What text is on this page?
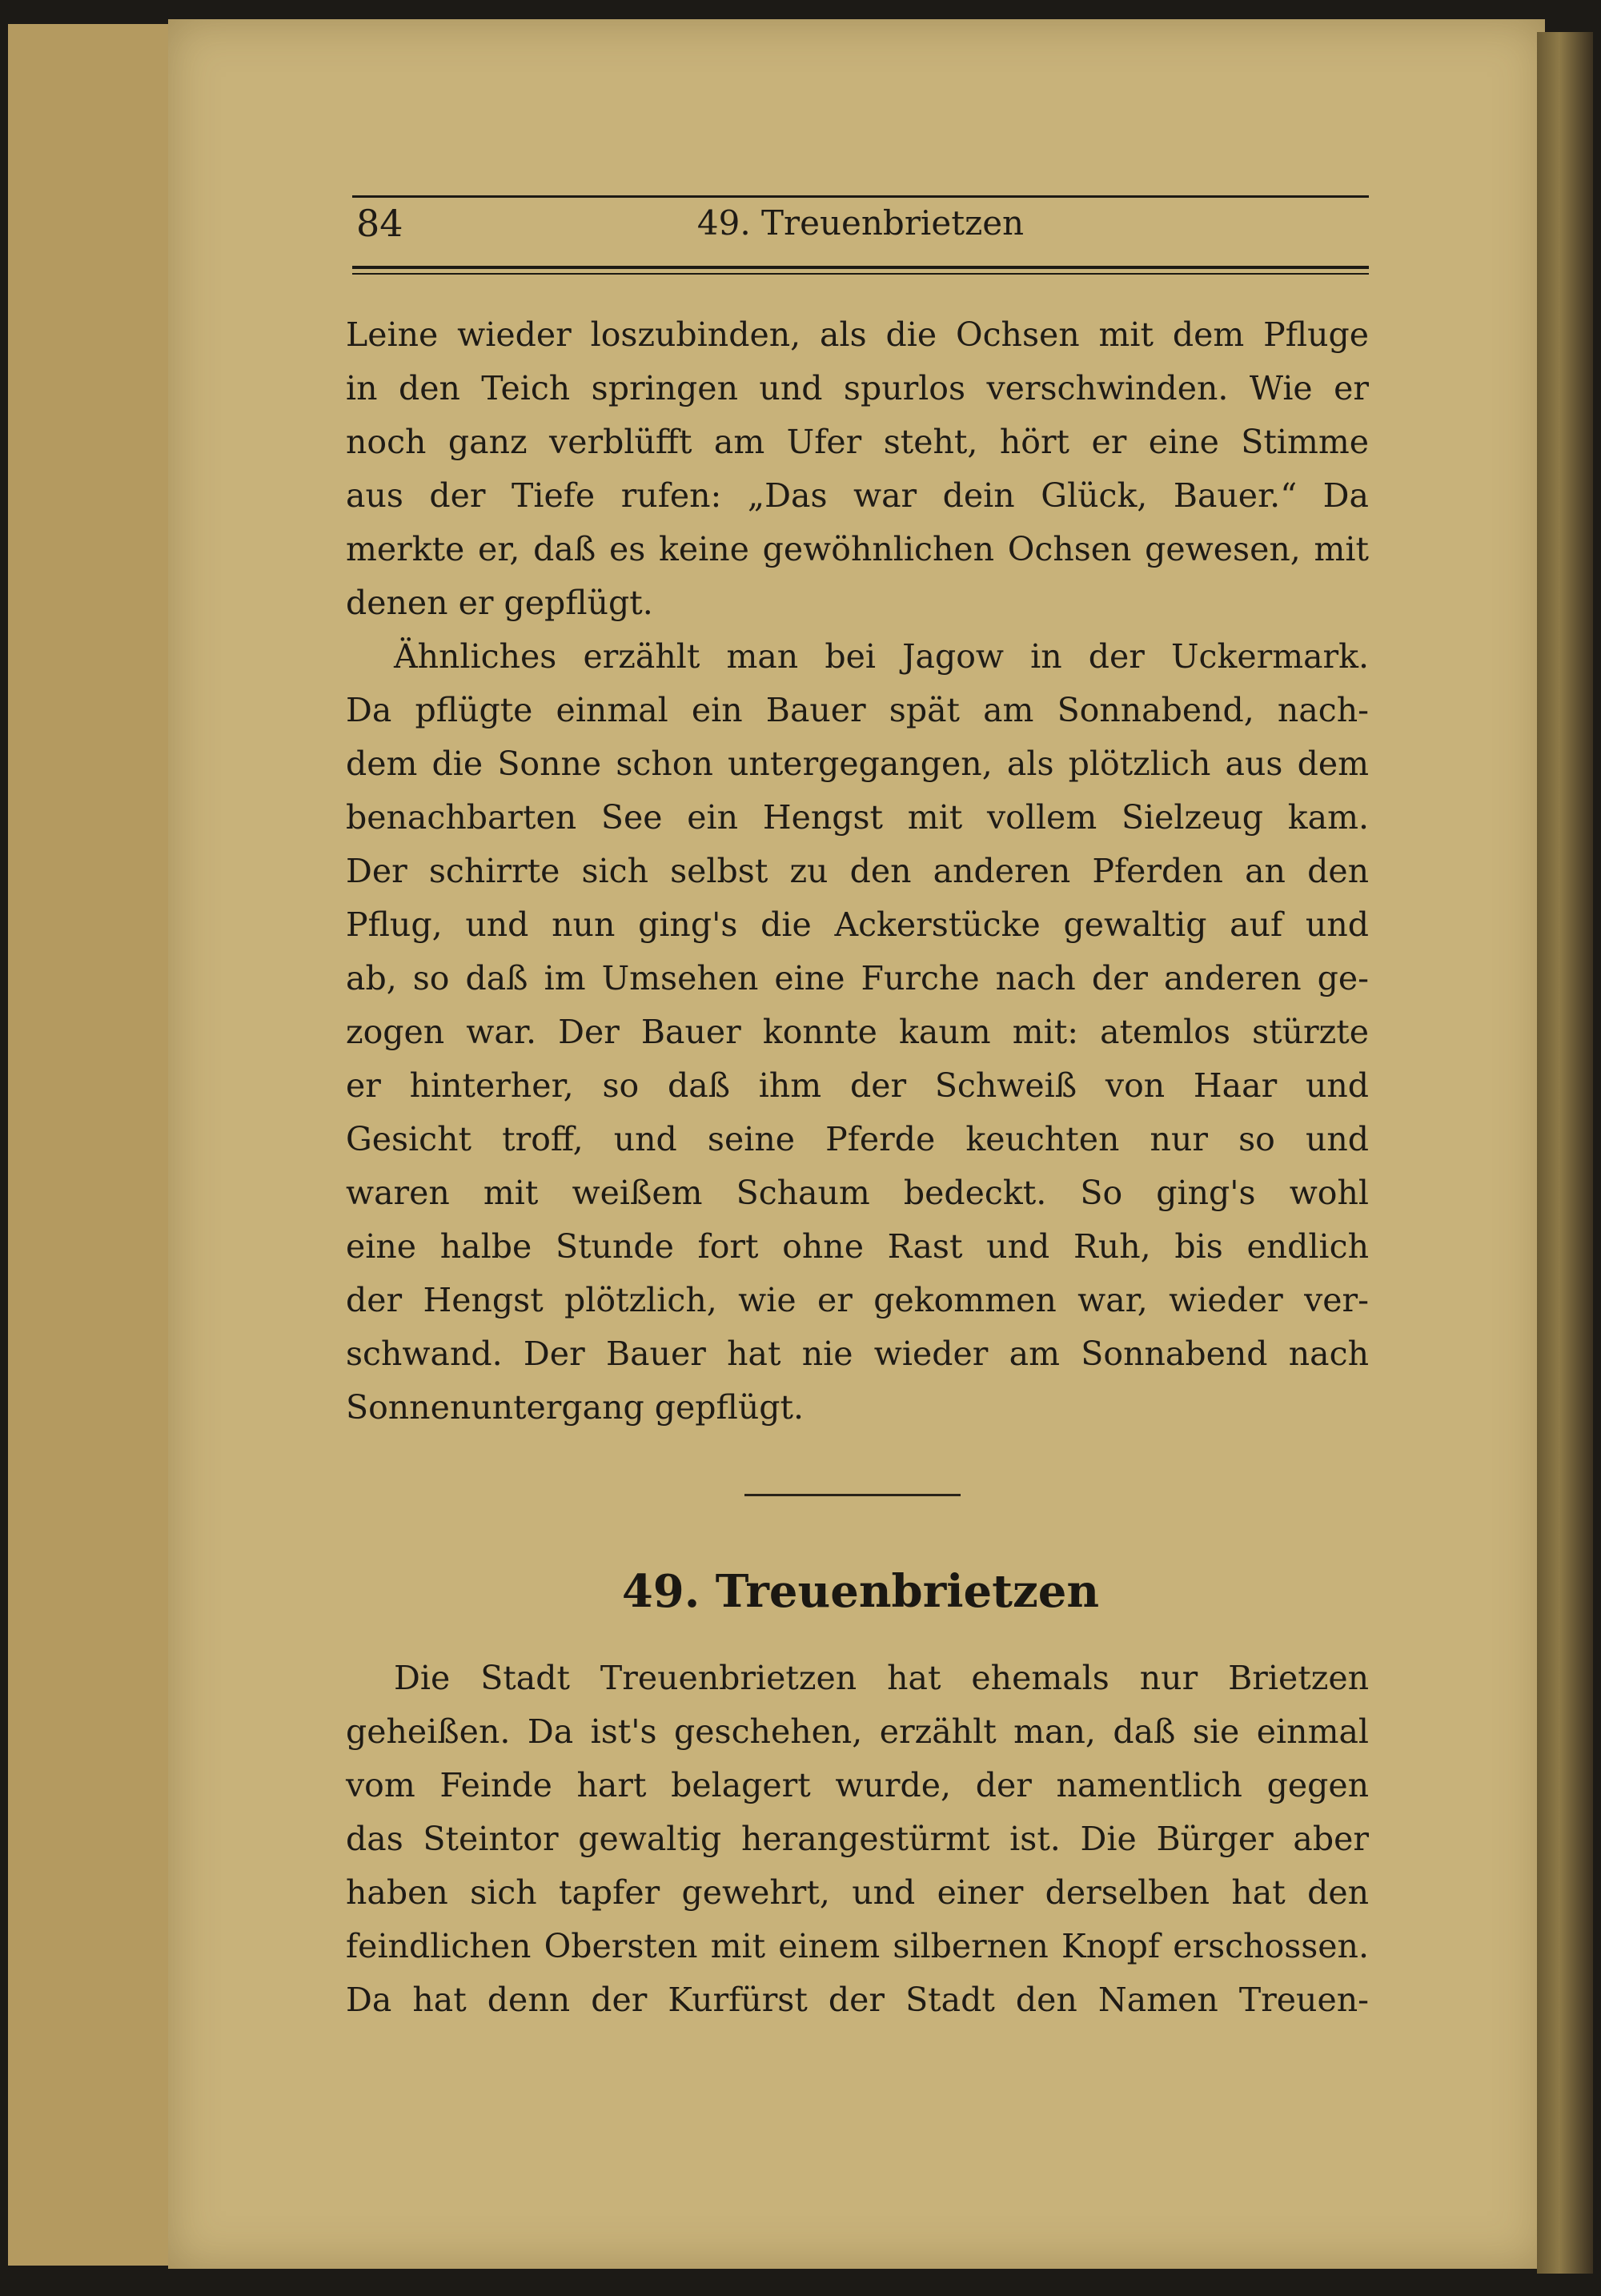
84	49. Treuenbrietzen
Leine wieder loszubinden, als die Ochsen mit dem Pfluge
in den Teich springen und spurlos verschwinden. Wie er
noch ganz verblüfft am Ufer steht, hört er eine Stimme
aus der Tiefe rufen: „Das war dein Glück, Bauer.“ Da
merkte er, daß es keine gewöhnlichen Ochsen gewesen, mit
denen er gepflügt.
Ähnliches erzählt man bei Jagow in der Uckermark.
Da pflügte einmal ein Bauer spät am Sonnabend, nach-
dem die Sonne schon untergegangen, als plötzlich aus dem
benachbarten See ein Hengst mit vollem Sielzeug kam.
Der schirrte sich selbst zu den anderen Pferden an den
Pflug, und nun ging's die Ackerstücke gewaltig auf und
ab, so daß im Umsehen eine Furche nach der anderen ge-
zogen war. Der Bauer konnte kaum mit: atemlos stürzte
er hinterher, so daß ihm der Schweiß von Haar und
Gesicht troff, und seine Pferde keuchten nur so und
waren mit weißem Schaum bedeckt. So ging's wohl
eine halbe Stunde fort ohne Rast und Ruh, bis endlich
der Hengst plötzlich, wie er gekommen war, wieder ver-
schwand. Der Bauer hat nie wieder am Sonnabend nach
Sonnenuntergang gepflügt.
49. Treuenbrietzen
Die Stadt Treuenbrietzen hat ehemals nur Brietzen
geheißen. Da ist's geschehen, erzählt man, daß sie einmal
vom Feinde hart belagert wurde, der namentlich gegen
das Steintor gewaltig herangestürmt ist. Die Bürger aber
haben sich tapfer gewehrt, und einer derselben hat den
feindlichen Obersten mit einem silbernen Knopf erschossen.
Da hat denn der Kurfürst der Stadt den Namen Treuen-
